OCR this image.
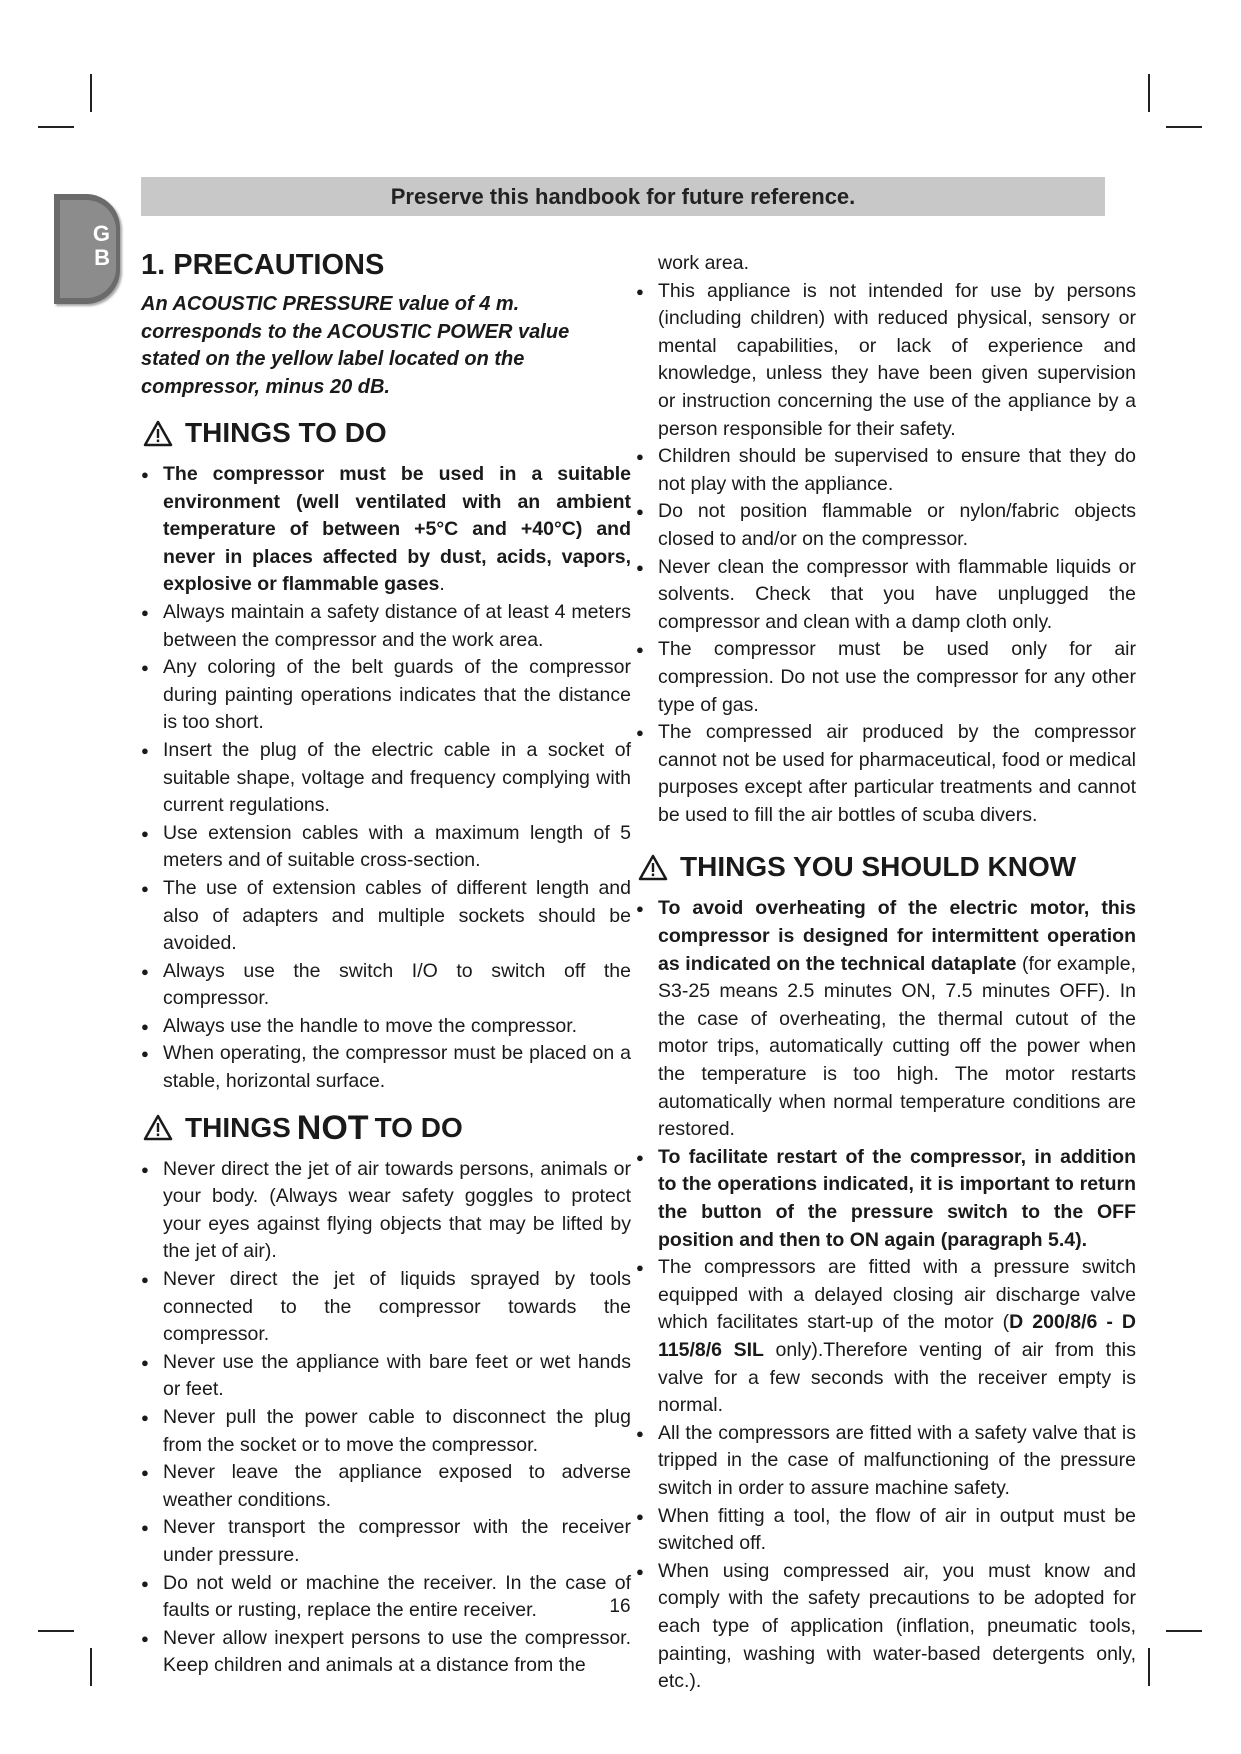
G
B
Preserve this handbook for future reference.
1. PRECAUTIONS

An ACOUSTIC PRESSURE value of 4 m. corresponds to the ACOUSTIC POWER value stated on the yellow label located on the compressor, minus 20 dB.

THINGS TO DO
● The compressor must be used in a suitable environment (well ventilated with an ambient temperature of between +5°C and +40°C) and never in places affected by dust, acids, vapors, explosive or flammable gases.
● Always maintain a safety distance of at least 4 meters between the compressor and the work area.
● Any coloring of the belt guards of the compressor during painting operations indicates that the distance is too short.
● Insert the plug of the electric cable in a socket of suitable shape, voltage and frequency complying with current regulations.
● Use extension cables with a maximum length of 5 meters and of suitable cross-section.
● The use of extension cables of different length and also of adapters and multiple sockets should be avoided.
● Always use the switch I/O to switch off the compressor.
● Always use the handle to move the compressor.
● When operating, the compressor must be placed on a stable, horizontal surface.
THINGS NOT TO DO
● Never direct the jet of air towards persons, animals or your body. (Always wear safety goggles to protect your eyes against flying objects that may be lifted by the jet of air).
● Never direct the jet of liquids sprayed by tools connected to the compressor towards the compressor.
● Never use the appliance with bare feet or wet hands or feet.
● Never pull the power cable to disconnect the plug from the socket or to move the compressor.
● Never leave the appliance exposed to adverse weather conditions.
● Never transport the compressor with the receiver under pressure.
● Do not weld or machine the receiver. In the case of faults or rusting, replace the entire receiver.
● Never allow inexpert persons to use the compressor. Keep children and animals at a distance from the
work area.
● This appliance is not intended for use by persons (including children) with reduced physical, sensory or mental capabilities, or lack of experience and knowledge, unless they have been given supervision or instruction concerning the use of the appliance by a person responsible for their safety.
● Children should be supervised to ensure that they do not play with the appliance.
● Do not position flammable or nylon/fabric objects closed to and/or on the compressor.
● Never clean the compressor with flammable liquids or solvents. Check that you have unplugged the compressor and clean with a damp cloth only.
● The compressor must be used only for air compression. Do not use the compressor for any other type of gas.
● The compressed air produced by the compressor cannot not be used for pharmaceutical, food or medical purposes except after particular treatments and cannot be used to fill the air bottles of scuba divers.
THINGS YOU SHOULD KNOW
● To avoid overheating of the electric motor, this compressor is designed for intermittent operation as indicated on the technical dataplate (for example, S3-25 means 2.5 minutes ON, 7.5 minutes OFF). In the case of overheating, the thermal cutout of the motor trips, automatically cutting off the power when the temperature is too high. The motor restarts automatically when normal temperature conditions are restored.
● To facilitate restart of the compressor, in addition to the operations indicated, it is important to return the button of the pressure switch to the OFF position and then to ON again (paragraph 5.4).
● The compressors are fitted with a pressure switch equipped with a delayed closing air discharge valve which facilitates start-up of the motor (D 200/8/6 - D 115/8/6 SIL only).Therefore venting of air from this valve for a few seconds with the receiver empty is normal.
● All the compressors are fitted with a safety valve that is tripped in the case of malfunctioning of the pressure switch in order to assure machine safety.
● When fitting a tool, the flow of air in output must be switched off.
● When using compressed air, you must know and comply with the safety precautions to be adopted for each type of application (inflation, pneumatic tools, painting, washing with water-based detergents only, etc.).
16
